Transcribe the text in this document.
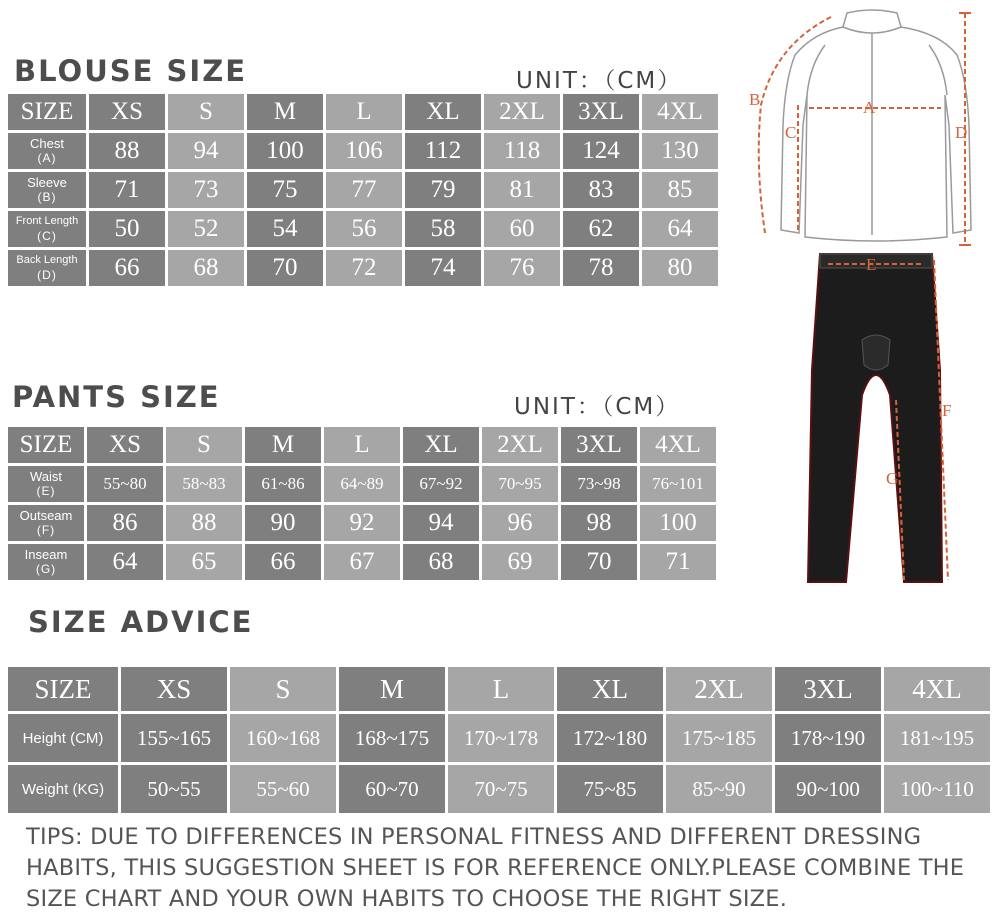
BLOUSE SIZE	UNIT：（CM）
SIZE	XS	S	M	L	XL	2XL	3XL	4XL
Chest
(A)	88	94	100	106	112	118	124	130
Sleeve
(B)	71	73	75	77	79	81	83	85
Front Length
(C)	50	52	54	56	58	60	62	64
Back Length
(D)	66	68	70	72	74	76	78	80
PANTS SIZE	UNIT：（CM）
SIZE	XS	S	M	L	XL	2XL	3XL	4XL
Waist
(E)	55~80	58~83	61~86	64~89	67~92	70~95	73~98	76~101
Outseam
(F)	86	88	90	92	94	96	98	100
Inseam
(G)	64	65	66	67	68	69	70	71
SIZE ADVICE
SIZE	XS	S	M	L	XL	2XL	3XL	4XL
Height (CM)	155~165	160~168	168~175	170~178	172~180	175~185	178~190	181~195
Weight (KG)	50~55	55~60	60~70	70~75	75~85	85~90	90~100	100~110
TIPS: DUE TO DIFFERENCES IN PERSONAL FITNESS AND DIFFERENT DRESSING HABITS, THIS SUGGESTION SHEET IS FOR REFERENCE ONLY.PLEASE COMBINE THE SIZE CHART AND YOUR OWN HABITS TO CHOOSE THE RIGHT SIZE.
A
B
C	D
E
F
G
